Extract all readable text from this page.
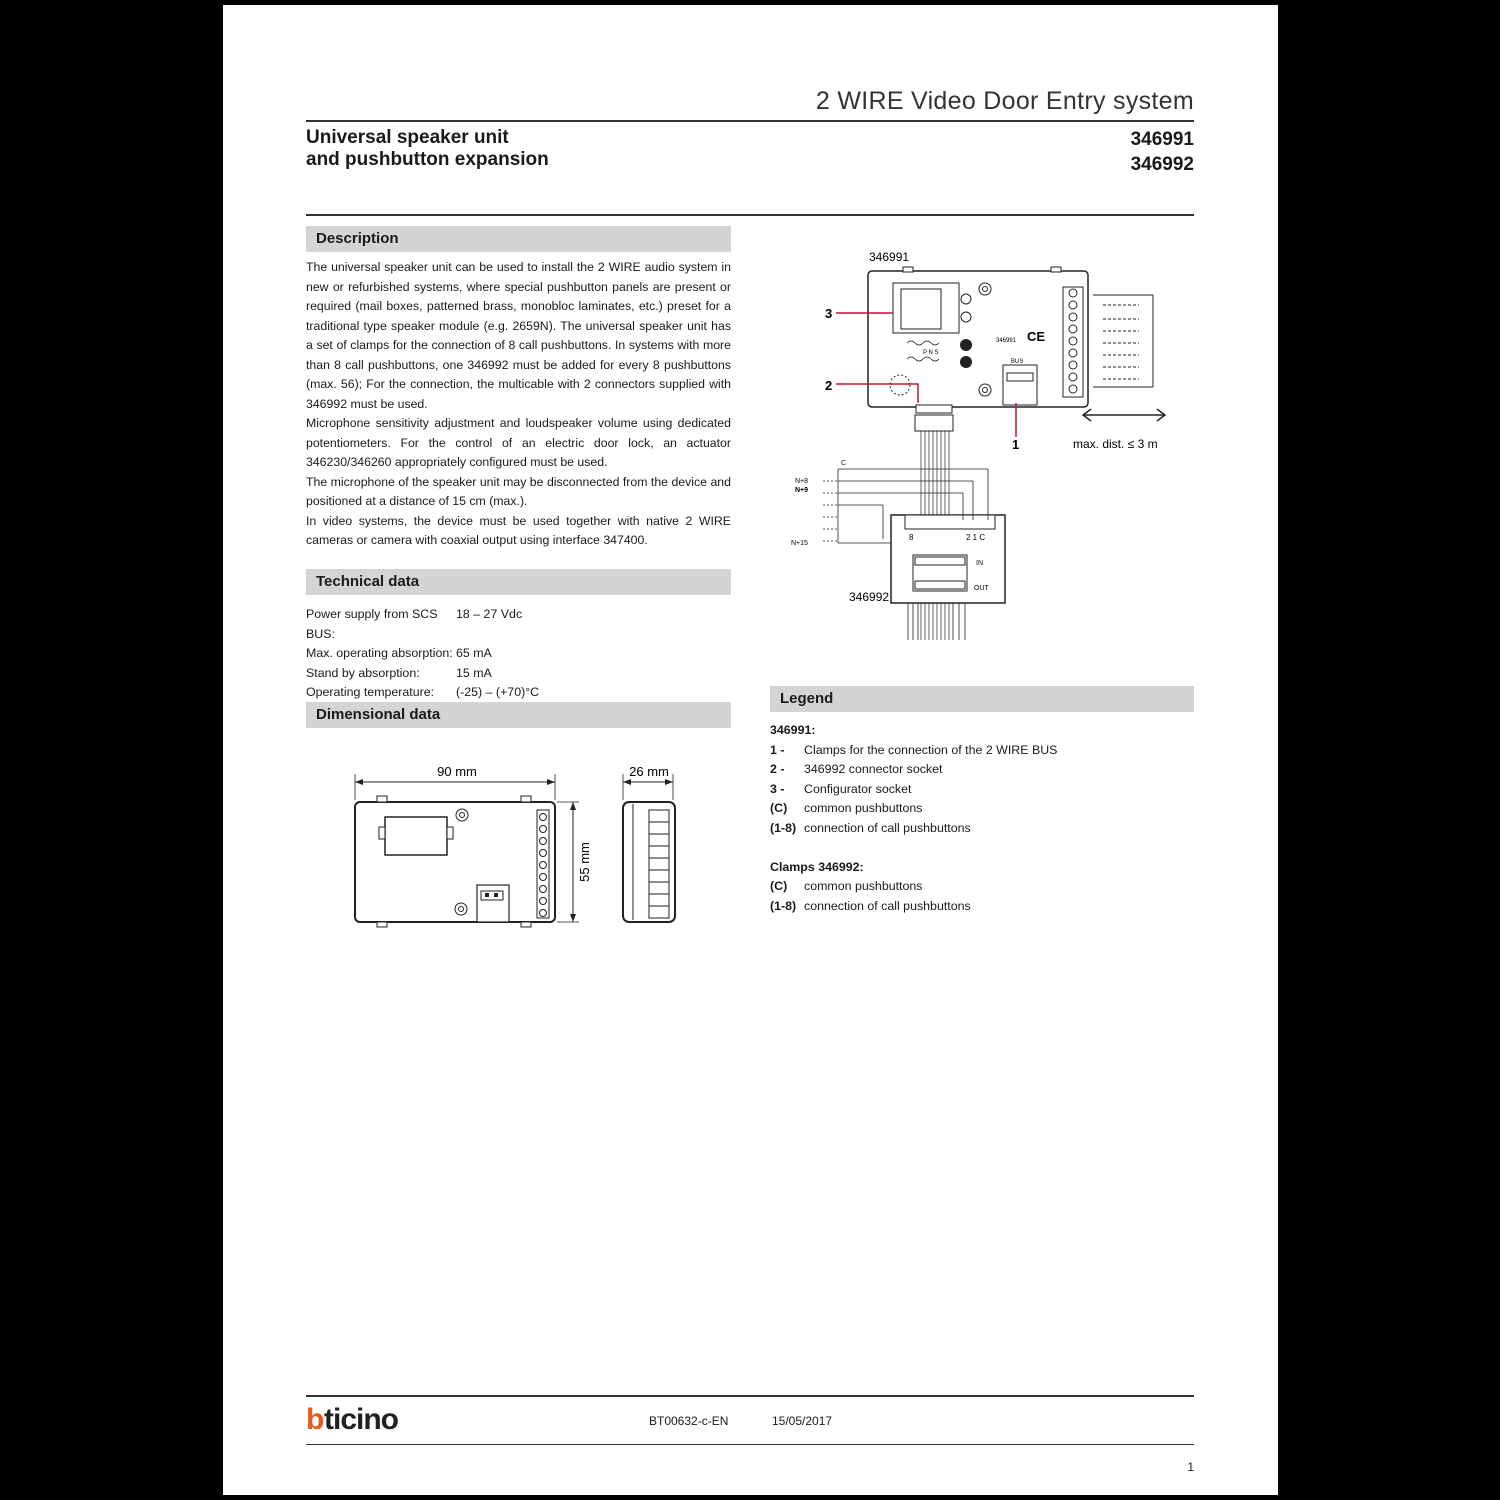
2 WIRE Video Door Entry system
Universal speaker unit
and pushbutton expansion
346991
346992
Description

The universal speaker unit can be used to install the 2 WIRE audio system in new or refurbished systems, where special pushbutton panels are present or required (mail boxes, patterned brass, monobloc laminates, etc.) preset for a traditional type speaker module (e.g. 2659N). The universal speaker unit has a set of clamps for the connection of 8 call pushbuttons. In systems with more than 8 call pushbuttons, one 346992 must be added for every 8 pushbuttons (max. 56); For the connection, the multicable with 2 connectors supplied with 346992 must be used.

Microphone sensitivity adjustment and loudspeaker volume using dedicated potentiometers. For the control of an electric door lock, an actuator 346230/346260 appropriately configured must be used.

The microphone of the speaker unit may be disconnected from the device and positioned at a distance of 15 cm (max.).

In video systems, the device must be used together with native 2 WIRE cameras or camera with coaxial output using interface 347400.

Technical data
Power supply from SCS BUS:
18 – 27 Vdc
Max. operating absorption: 65 mA
Stand by absorption:	15 mA
Operating temperature:	(-25) – (+70)°C
Dimensional data
90 mm
55 mm
26 mm
346991
346991 CE
P N S
BUS
max. dist. ≤ 3 m
3
2
1
8	2 1 C
IN
OUT
346992
C
N+8
N+9
N+15
Legend
346991:
1 -	Clamps for the connection of the 2 WIRE BUS
2 -	346992 connector socket
3 -	Configurator socket
(C)	common pushbuttons
(1-8) connection of call pushbuttons
Clamps 346992:
(C)	common pushbuttons
(1-8) connection of call pushbuttons
b ticino	BT00632-c-EN	15/05/2017
1
